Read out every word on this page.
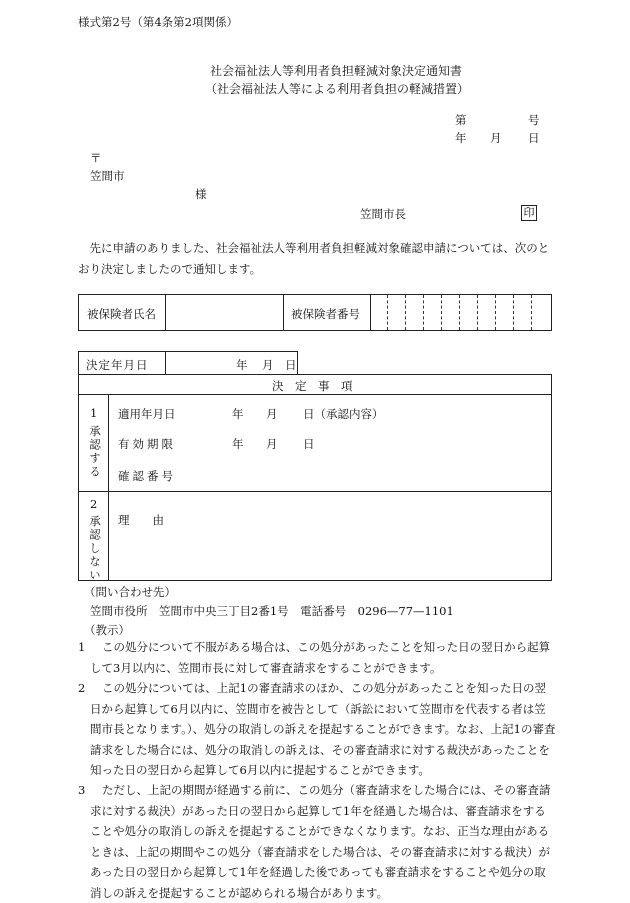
様式第2号（第4条第2項関係）
社会福祉法人等利用者負担軽減対象決定通知書
（社会福祉法人等による利用者負担の軽減措置）
第	号
年 月 日
〒
笠間市
様
笠間市長	印
　先に申請のありました、社会福祉法人等利用者負担軽減対象確認申請については、次のとおり決定しましたので通知します。
被保険者氏名	被保険者番号
決定年月日	年 月 日
決　定　事　項
1
承認する
適用年月日	年 月 日（承認内容）
有効期限	年 月 日
確認番号
2
承認しない 理　　由
（問い合わせ先）
笠間市役所　笠間市中央三丁目2番1号　電話番号　0296—77—1101
（教示）
1	この処分について不服がある場合は、この処分があったことを知った日の翌日から起算して3月以内に、笠間市長に対して審査請求をすることができます。
2	この処分については、上記1の審査請求のほか、この処分があったことを知った日の翌日から起算して6月以内に、笠間市を被告として（訴訟において笠間市を代表する者は笠間市長となります。）、処分の取消しの訴えを提起することができます。なお、上記1の審査請求をした場合には、処分の取消しの訴えは、その審査請求に対する裁決があったことを知った日の翌日から起算して6月以内に提起することができます。
3	ただし、上記の期間が経過する前に、この処分（審査請求をした場合には、その審査請求に対する裁決）があった日の翌日から起算して1年を経過した場合は、審査請求をすることや処分の取消しの訴えを提起することができなくなります。なお、正当な理由があるときは、上記の期間やこの処分（審査請求をした場合は、その審査請求に対する裁決）があった日の翌日から起算して1年を経過した後であっても審査請求をすることや処分の取消しの訴えを提起することが認められる場合があります。
